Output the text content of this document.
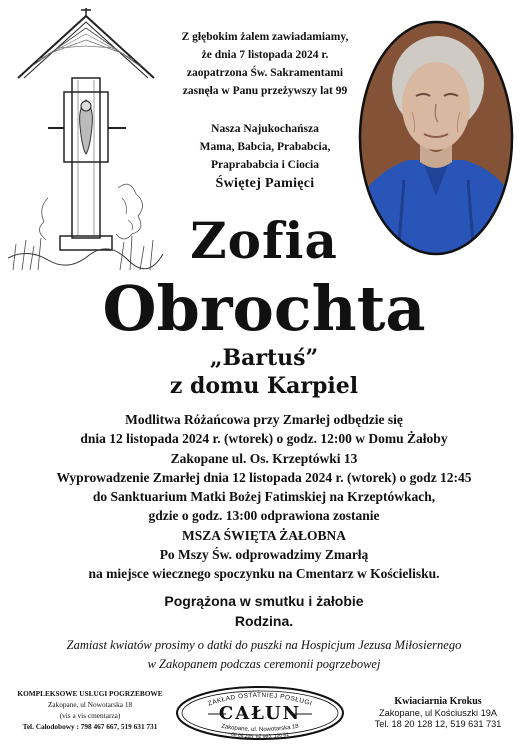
Z głębokim żalem zawiadamiamy,
że dnia 7 listopada 2024 r.
zaopatrzona Św. Sakramentami
zasnęła w Panu przeżywszy lat 99
Nasza Najukochańsza
Mama, Babcia, Prababcia,
Praprababcia i Ciocia
Świętej Pamięci
Zofia
Obrochta
„Bartuś”
z domu Karpiel
Modlitwa Różańcowa przy Zmarłej odbędzie się
dnia 12 listopada 2024 r. (wtorek) o godz. 12:00 w Domu Żałoby
Zakopane ul. Os. Krzeptówki 13
Wyprowadzenie Zmarłej dnia 12 listopada 2024 r. (wtorek) o godz 12:45
do Sanktuarium Matki Bożej Fatimskiej na Krzeptówkach,
gdzie o godz. 13:00 odprawiona zostanie
MSZA ŚWIĘTA ŻAŁOBNA
Po Mszy Św. odprowadzimy Zmarłą
na miejsce wiecznego spoczynku na Cmentarz w Kościelisku.
Pogrążona w smutku i żałobie
Rodzina.
Zamiast kwiatów prosimy o datki do puszki na Hospicjum Jezusa Miłosiernego
w Zakopanem podczas ceremonii pogrzebowej
KOMPLEKSOWE USŁUGI POGRZEBOWE
Zakopane, ul Nowotarska 18
(vis a vis cmentarza)
Tel. Całodobowy : 798 467 667, 519 631 731
ZAKŁAD OSTATNIEJ POSŁUGI
CAŁUN
Zakopane, ul. Nowotarska 18
66 66 205, 62 983, 120 81
Kwiaciarnia Krokus
Zakopane, ul Kościuszki 19A
Tel. 18 20 128 12, 519 631 731
